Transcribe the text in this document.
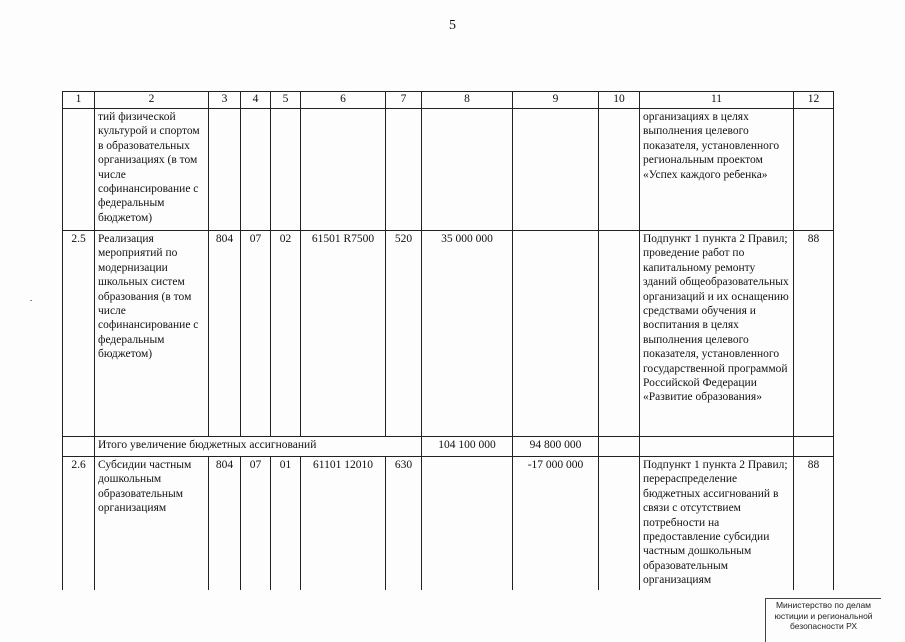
5
1	2	3	4	5	6	7	8	9	10	11	12
	тий физической культурой и спортом в образовательных организациях (в том числе софинансирование с федеральным бюджетом)									организациях в целях выполнения целевого показателя, установленного региональным проектом «Успех каждого ребенка»	
2.5	Реализация мероприятий по модернизации школьных систем образования (в том числе софинансирование с федеральным бюджетом)	804	07	02	61501 R7500	520	35 000 000			Подпункт 1 пункта 2 Правил; проведение работ по капитальному ремонту зданий общеобразовательных организаций и их оснащению средствами обучения и воспитания в целях выполнения целевого показателя, установленного государственной программой Российской Федерации «Развитие образования»	88
	Итого увеличение бюджетных ассигнований						104 100 000	94 800 000			
2.6	Субсидии частным дошкольным образовательным организациям	804	07	01	61101 12010	630		-17 000 000		Подпункт 1 пункта 2 Правил; перераспределение бюджетных ассигнований в связи с отсутствием потребности на предоставление субсидии частным дошкольным образовательным организациям	88
Министерство по делам
юстиции и региональной
безопасности РХ
